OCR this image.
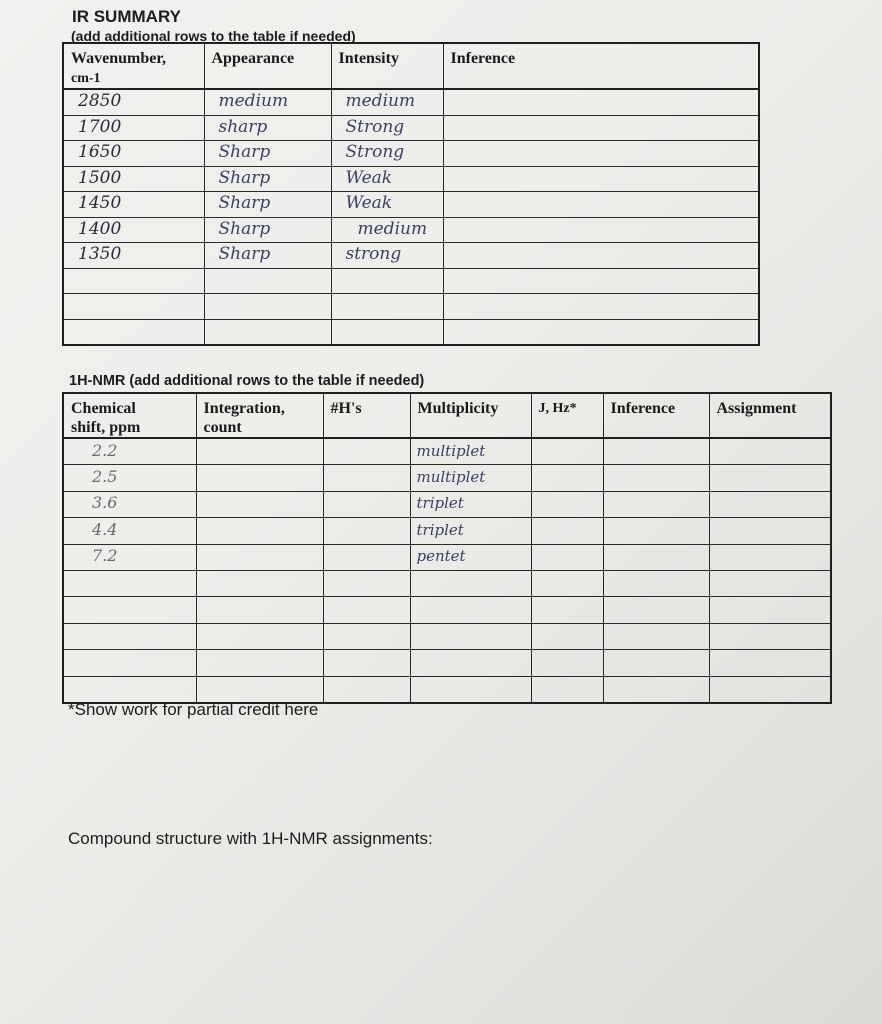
IR SUMMARY
(add additional rows to the table if needed)
Wavenumber,
cm-1	Appearance	Intensity	Inference
2850	medium	medium	
1700	sharp	Strong	
1650	Sharp	Strong	
1500	Sharp	Weak	
1450	Sharp	Weak	
1400	Sharp	medium	
1350	Sharp	strong	

1H-NMR (add additional rows to the table if needed)
Chemical
shift, ppm	Integration,
count	#H's	Multiplicity	J, Hz*	Inference	Assignment
2.2			multiplet			
2.5			multiplet			
3.6			triplet			
4.4			triplet			
7.2			pentet			

*Show work for partial credit here
Compound structure with 1H-NMR assignments:
